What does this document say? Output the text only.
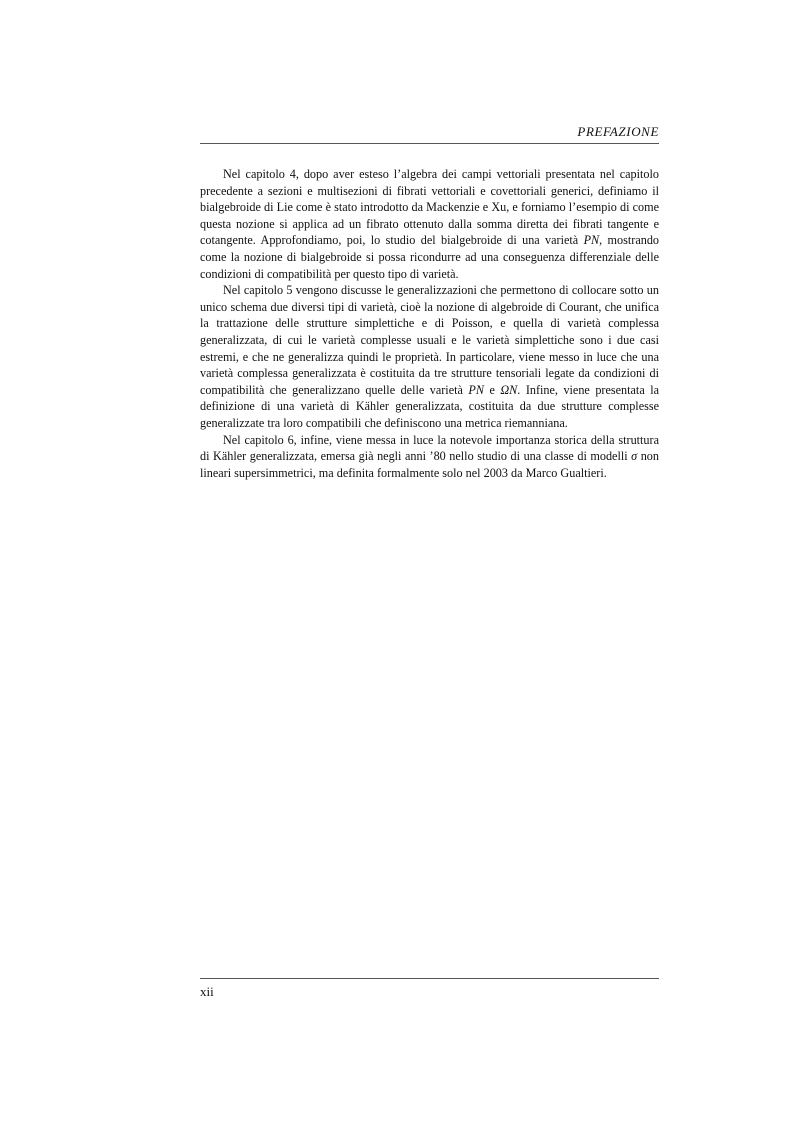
PREFAZIONE

Nel capitolo 4, dopo aver esteso l’algebra dei campi vettoriali presentata nel capitolo precedente a sezioni e multisezioni di fibrati vettoriali e covettoriali generici, definiamo il bialgebroide di Lie come è stato introdotto da Mackenzie e Xu, e forniamo l’esempio di come questa nozione si applica ad un fibrato ottenuto dalla somma diretta dei fibrati tangente e cotangente. Approfondiamo, poi, lo studio del bialgebroide di una varietà PN, mostrando come la nozione di bialgebroide si possa ricondurre ad una conseguenza differenziale delle condizioni di compatibilità per questo tipo di varietà.

Nel capitolo 5 vengono discusse le generalizzazioni che permettono di collocare sotto un unico schema due diversi tipi di varietà, cioè la nozione di algebroide di Courant, che unifica la trattazione delle strutture simplettiche e di Poisson, e quella di varietà complessa generalizzata, di cui le varietà complesse usuali e le varietà simplettiche sono i due casi estremi, e che ne generalizza quindi le proprietà. In particolare, viene messo in luce che una varietà complessa generalizzata è costituita da tre strutture tensoriali legate da condizioni di compatibilità che generalizzano quelle delle varietà PN e ΩN. Infine, viene presentata la definizione di una varietà di Kähler generalizzata, costituita da due strutture complesse generalizzate tra loro compatibili che definiscono una metrica riemanniana.

Nel capitolo 6, infine, viene messa in luce la notevole importanza storica della struttura di Kähler generalizzata, emersa già negli anni ’80 nello studio di una classe di modelli σ non lineari supersimmetrici, ma definita formalmente solo nel 2003 da Marco Gualtieri.

xii
